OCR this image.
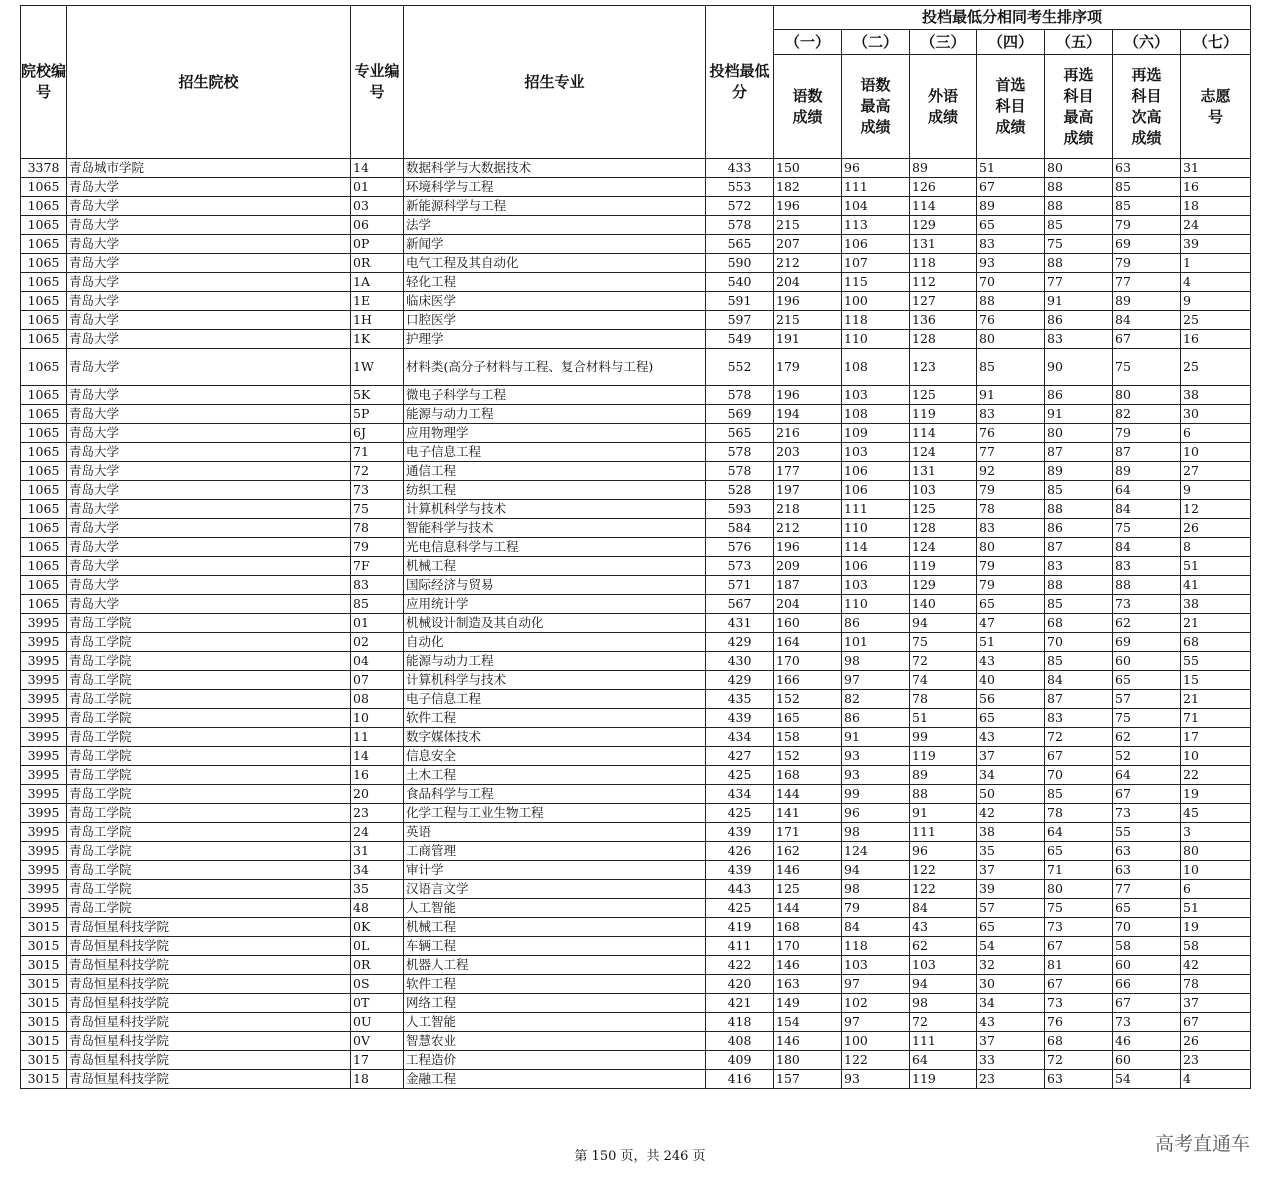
院校编号	招生院校	专业编号	招生专业	投档最低分	投档最低分相同考生排序项						
					（一）	（二）	（三）	（四）	（五）	（六）	（七）
					语数成绩	语数最高成绩	外语成绩	首选科目成绩	再选科目最高成绩	再选科目次高成绩	志愿号
3378	青岛城市学院	14	数据科学与大数据技术	433	150	96	89	51	80	63	31
1065	青岛大学	01	环境科学与工程	553	182	111	126	67	88	85	16
1065	青岛大学	03	新能源科学与工程	572	196	104	114	89	88	85	18
1065	青岛大学	06	法学	578	215	113	129	65	85	79	24
1065	青岛大学	0P	新闻学	565	207	106	131	83	75	69	39
1065	青岛大学	0R	电气工程及其自动化	590	212	107	118	93	88	79	1
1065	青岛大学	1A	轻化工程	540	204	115	112	70	77	77	4
1065	青岛大学	1E	临床医学	591	196	100	127	88	91	89	9
1065	青岛大学	1H	口腔医学	597	215	118	136	76	86	84	25
1065	青岛大学	1K	护理学	549	191	110	128	80	83	67	16
1065	青岛大学	1W	材料类(高分子材料与工程、复合材料与工程)	552	179	108	123	85	90	75	25
1065	青岛大学	5K	微电子科学与工程	578	196	103	125	91	86	80	38
1065	青岛大学	5P	能源与动力工程	569	194	108	119	83	91	82	30
1065	青岛大学	6J	应用物理学	565	216	109	114	76	80	79	6
1065	青岛大学	71	电子信息工程	578	203	103	124	77	87	87	10
1065	青岛大学	72	通信工程	578	177	106	131	92	89	89	27
1065	青岛大学	73	纺织工程	528	197	106	103	79	85	64	9
1065	青岛大学	75	计算机科学与技术	593	218	111	125	78	88	84	12
1065	青岛大学	78	智能科学与技术	584	212	110	128	83	86	75	26
1065	青岛大学	79	光电信息科学与工程	576	196	114	124	80	87	84	8
1065	青岛大学	7F	机械工程	573	209	106	119	79	83	83	51
1065	青岛大学	83	国际经济与贸易	571	187	103	129	79	88	88	41
1065	青岛大学	85	应用统计学	567	204	110	140	65	85	73	38
3995	青岛工学院	01	机械设计制造及其自动化	431	160	86	94	47	68	62	21
3995	青岛工学院	02	自动化	429	164	101	75	51	70	69	68
3995	青岛工学院	04	能源与动力工程	430	170	98	72	43	85	60	55
3995	青岛工学院	07	计算机科学与技术	429	166	97	74	40	84	65	15
3995	青岛工学院	08	电子信息工程	435	152	82	78	56	87	57	21
3995	青岛工学院	10	软件工程	439	165	86	51	65	83	75	71
3995	青岛工学院	11	数字媒体技术	434	158	91	99	43	72	62	17
3995	青岛工学院	14	信息安全	427	152	93	119	37	67	52	10
3995	青岛工学院	16	土木工程	425	168	93	89	34	70	64	22
3995	青岛工学院	20	食品科学与工程	434	144	99	88	50	85	67	19
3995	青岛工学院	23	化学工程与工业生物工程	425	141	96	91	42	78	73	45
3995	青岛工学院	24	英语	439	171	98	111	38	64	55	3
3995	青岛工学院	31	工商管理	426	162	124	96	35	65	63	80
3995	青岛工学院	34	审计学	439	146	94	122	37	71	63	10
3995	青岛工学院	35	汉语言文学	443	125	98	122	39	80	77	6
3995	青岛工学院	48	人工智能	425	144	79	84	57	75	65	51
3015	青岛恒星科技学院	0K	机械工程	419	168	84	43	65	73	70	19
3015	青岛恒星科技学院	0L	车辆工程	411	170	118	62	54	67	58	58
3015	青岛恒星科技学院	0R	机器人工程	422	146	103	103	32	81	60	42
3015	青岛恒星科技学院	0S	软件工程	420	163	97	94	30	67	66	78
3015	青岛恒星科技学院	0T	网络工程	421	149	102	98	34	73	67	37
3015	青岛恒星科技学院	0U	人工智能	418	154	97	72	43	76	73	67
3015	青岛恒星科技学院	0V	智慧农业	408	146	100	111	37	68	46	26
3015	青岛恒星科技学院	17	工程造价	409	180	122	64	33	72	60	23
3015	青岛恒星科技学院	18	金融工程	416	157	93	119	23	63	54	4
第 150 页，共 246 页
高考直通车
